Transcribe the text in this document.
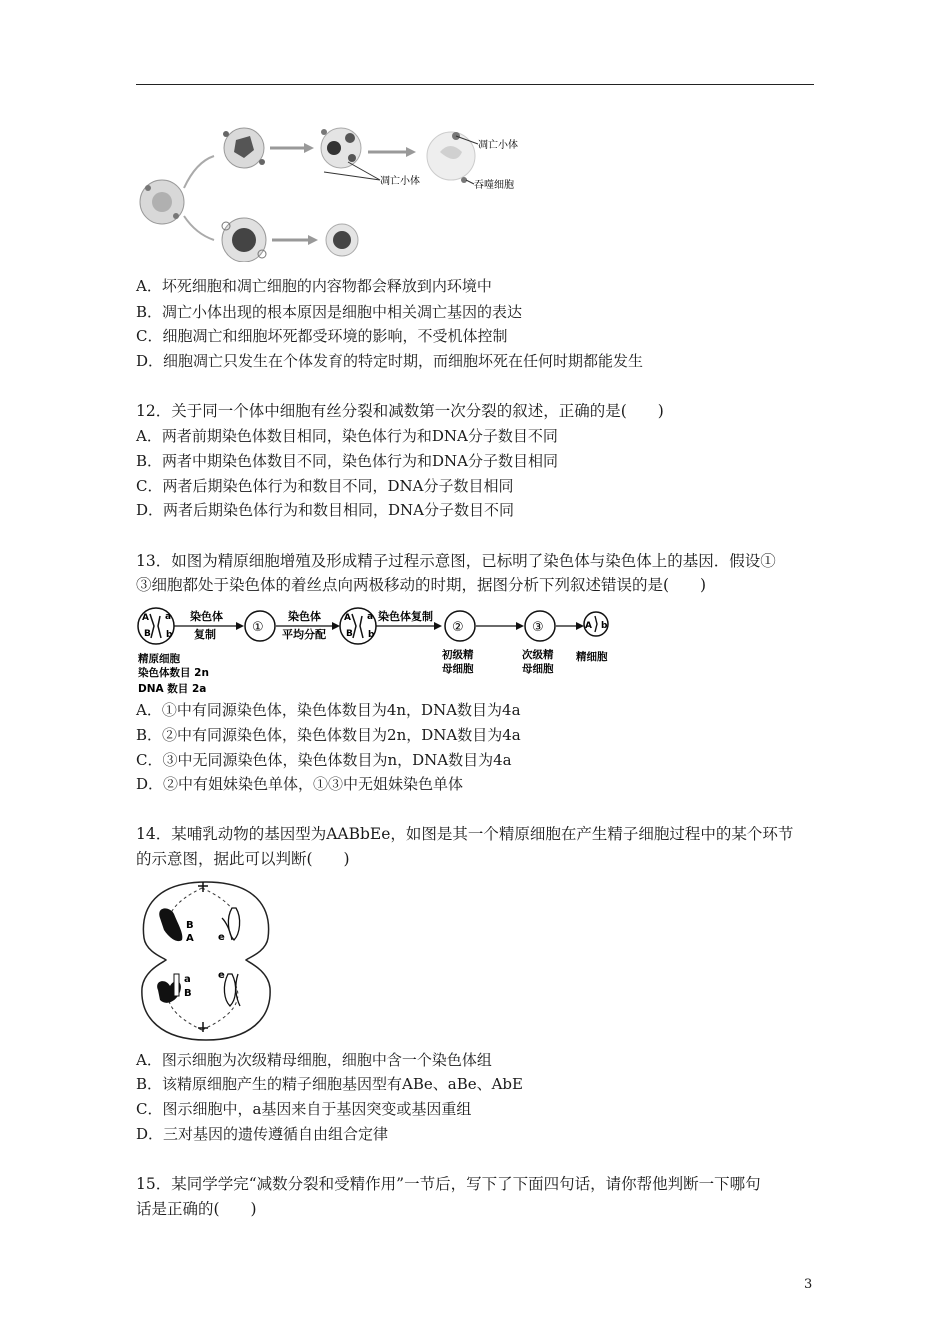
凋亡小体
凋亡小体
吞噬细胞
A．坏死细胞和凋亡细胞的内容物都会释放到内环境中
B．凋亡小体出现的根本原因是细胞中相关凋亡基因的表达
C．细胞凋亡和细胞坏死都受环境的影响，不受机体控制
D．细胞凋亡只发生在个体发育的特定时期，而细胞坏死在任何时期都能发生
12．关于同一个体中细胞有丝分裂和减数第一次分裂的叙述，正确的是(　　)
A．两者前期染色体数目相同，染色体行为和DNA分子数目不同
B．两者中期染色体数目不同，染色体行为和DNA分子数目相同
C．两者后期染色体行为和数目不同，DNA分子数目相同
D．两者后期染色体行为和数目相同，DNA分子数目不同
13．如图为精原细胞增殖及形成精子过程示意图，已标明了染色体与染色体上的基因．假设①
③细胞都处于染色体的着丝点向两极移动的时期，据图分析下列叙述错误的是(　　)
A a
B b
染色体
复制	①
染色体
平均分配
A a
B b
染色体复制
②	③	A b
初级精
母细胞
次级精
母细胞
精细胞
精原细胞
染色体数目 2n
DNA 数目 2a
A．①中有同源染色体，染色体数目为4n，DNA数目为4a
B．②中有同源染色体，染色体数目为2n，DNA数目为4a
C．③中无同源染色体，染色体数目为n，DNA数目为4a
D．②中有姐妹染色单体，①③中无姐妹染色单体
14．某哺乳动物的基因型为AABbEe，如图是其一个精原细胞在产生精子细胞过程中的某个环节
的示意图，据此可以判断(　　)
B
A e
a
B
e
A．图示细胞为次级精母细胞，细胞中含一个染色体组
B．该精原细胞产生的精子细胞基因型有ABe、aBe、AbE
C．图示细胞中，a基因来自于基因突变或基因重组
D．三对基因的遗传遵循自由组合定律
15．某同学学完“减数分裂和受精作用”一节后，写下了下面四句话，请你帮他判断一下哪句
话是正确的(　　)
3
